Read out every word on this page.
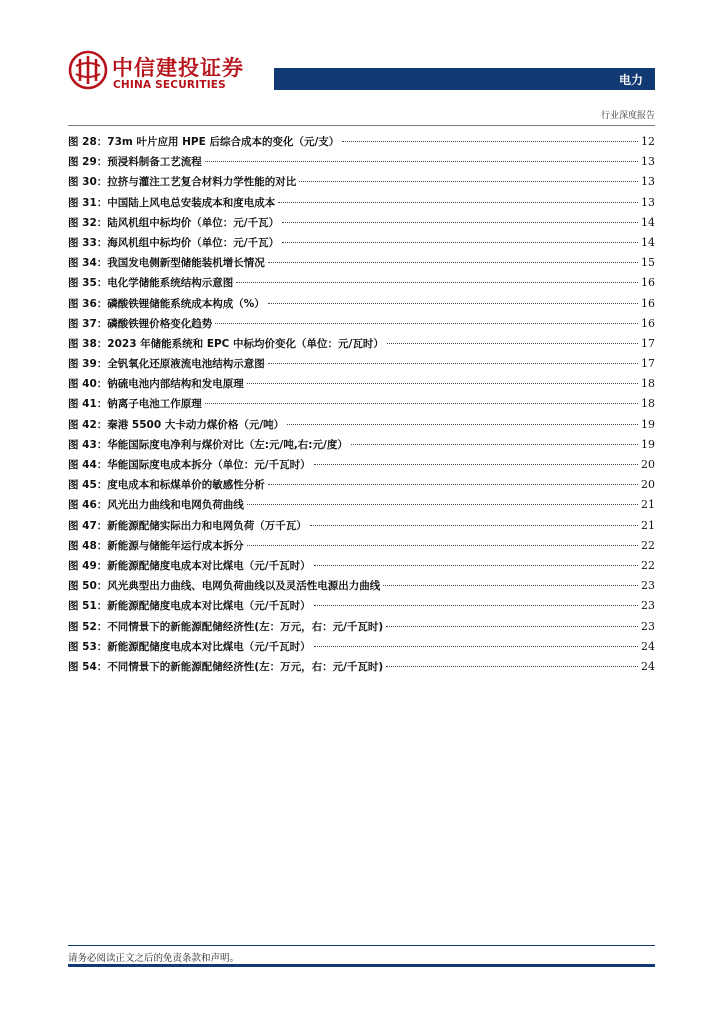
中信建投证券
CHINA SECURITIES	电力
行业深度报告
图 28： 73m 叶片应用 HPE 后综合成本的变化（元/支）	12
图 29： 预浸料制备工艺流程	13
图 30： 拉挤与灌注工艺复合材料力学性能的对比	13
图 31： 中国陆上风电总安装成本和度电成本	13
图 32： 陆风机组中标均价（单位：元/千瓦）	14
图 33： 海风机组中标均价（单位：元/千瓦）	14
图 34： 我国发电侧新型储能装机增长情况	15
图 35： 电化学储能系统结构示意图	16
图 36： 磷酸铁锂储能系统成本构成（%）	16
图 37： 磷酸铁锂价格变化趋势	16
图 38： 2023 年储能系统和 EPC 中标均价变化（单位：元/瓦时）	17
图 39： 全钒氧化还原液流电池结构示意图	17
图 40： 钠硫电池内部结构和发电原理	18
图 41： 钠离子电池工作原理	18
图 42： 秦港 5500 大卡动力煤价格（元/吨）	19
图 43： 华能国际度电净利与煤价对比（左:元/吨,右:元/度）	19
图 44： 华能国际度电成本拆分（单位：元/千瓦时）	20
图 45： 度电成本和标煤单价的敏感性分析	20
图 46： 风光出力曲线和电网负荷曲线	21
图 47： 新能源配储实际出力和电网负荷（万千瓦）	21
图 48： 新能源与储能年运行成本拆分	22
图 49： 新能源配储度电成本对比煤电（元/千瓦时）	22
图 50： 风光典型出力曲线、电网负荷曲线以及灵活性电源出力曲线	23
图 51： 新能源配储度电成本对比煤电（元/千瓦时）	23
图 52： 不同情景下的新能源配储经济性(左：万元，右：元/千瓦时)	23
图 53： 新能源配储度电成本对比煤电（元/千瓦时）	24
图 54： 不同情景下的新能源配储经济性(左：万元，右：元/千瓦时)	24
请务必阅读正文之后的免责条款和声明。
